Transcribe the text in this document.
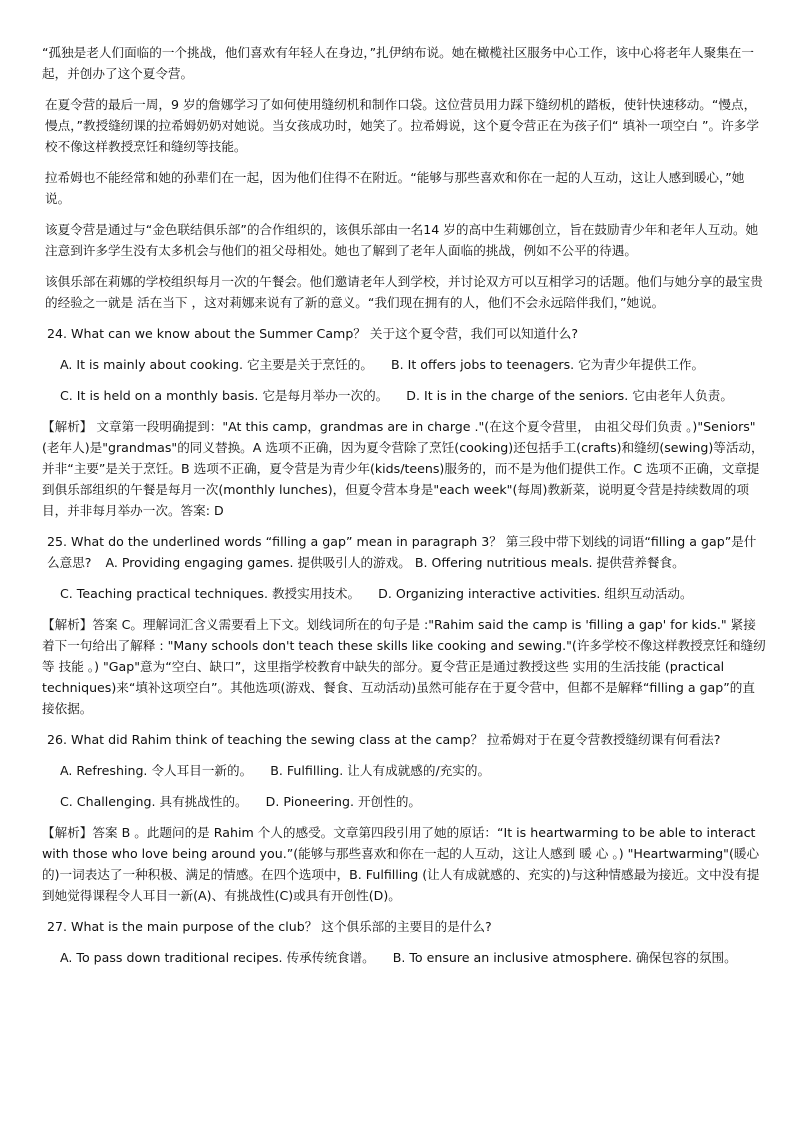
“孤独是老人们面临的一个挑战，他们喜欢有年轻人在身边，”扎伊纳布说。她在橄榄社区服务中心工作，该中心将老年人聚集在一起，并创办了这个夏令营。

在夏令营的最后一周，9 岁的詹娜学习了如何使用缝纫机和制作口袋。这位营员用力踩下缝纫机的踏板，使针快速移动。“慢点，慢点，”教授缝纫课的拉希姆奶奶对她说。当女孩成功时，她笑了。拉希姆说，这个夏令营正在为孩子们“ 填补一项空白 ”。许多学校不像这样教授烹饪和缝纫等技能。

拉希姆也不能经常和她的孙辈们在一起，因为他们住得不在附近。“能够与那些喜欢和你在一起的人互动，这让人感到暖心，”她说。

该夏令营是通过与“金色联结俱乐部”的合作组织的，该俱乐部由一名14 岁的高中生莉娜创立，旨在鼓励青少年和老年人互动。她注意到许多学生没有太多机会与他们的祖父母相处。她也了解到了老年人面临的挑战，例如不公平的待遇。

该俱乐部在莉娜的学校组织每月一次的午餐会。他们邀请老年人到学校，并讨论双方可以互相学习的话题。他们与她分享的最宝贵的经验之一就是 活在当下 ，这对莉娜来说有了新的意义。“我们现在拥有的人，他们不会永远陪伴我们，”她说。

24. What can we know about the Summer Camp？ 关于这个夏令营，我们可以知道什么?

A. It is mainly about cooking. 它主要是关于烹饪的。 B. It offers jobs to teenagers. 它为青少年提供工作。
C. It is held on a monthly basis. 它是每月举办一次的。 D. It is in the charge of the seniors. 它由老年人负责。

【解析】 文章第一段明确提到："At this camp，grandmas are in charge ."(在这个夏令营里， 由祖父母们负责 。)"Seniors"(老年人)是"grandmas"的同义替换。A 选项不正确，因为夏令营除了烹饪(cooking)还包括手工(crafts)和缝纫(sewing)等活动，并非“主要”是关于烹饪。B 选项不正确，夏令营是为青少年(kids/teens)服务的，而不是为他们提供工作。C 选项不正确，文章提到俱乐部组织的午餐是每月一次(monthly lunches)，但夏令营本身是"each week"(每周)教新菜，说明夏令营是持续数周的项目，并非每月举办一次。答案: D

25. What do the underlined words “filling a gap” mean in paragraph 3？ 第三段中带下划线的词语“filling a gap”是什么意思? A. Providing engaging games. 提供吸引人的游戏。 B. Offering nutritious meals. 提供营养餐食。

C. Teaching practical techniques. 教授实用技术。 D. Organizing interactive activities. 组织互动活动。

【解析】答案 C。理解词汇含义需要看上下文。划线词所在的句子是 :"Rahim said the camp is 'filling a gap' for kids." 紧接着下一句给出了解释 : "Many schools don't teach these skills like cooking and sewing."(许多学校不像这样教授烹饪和缝纫等 技能 。) "Gap"意为“空白、缺口”，这里指学校教育中缺失的部分。夏令营正是通过教授这些 实用的生活技能 (practical techniques)来“填补这项空白”。其他选项(游戏、餐食、互动活动)虽然可能存在于夏令营中，但都不是解释“filling a gap”的直接依据。

26. What did Rahim think of teaching the sewing class at the camp？ 拉希姆对于在夏令营教授缝纫课有何看法?

A. Refreshing. 令人耳目一新的。 B. Fulfilling. 让人有成就感的/充实的。
C. Challenging. 具有挑战性的。 D. Pioneering. 开创性的。

【解析】答案 B 。此题问的是 Rahim 个人的感受。文章第四段引用了她的原话：“It is heartwarming to be able to interact with those who love being around you.”(能够与那些喜欢和你在一起的人互动，这让人感到 暖 心 。) "Heartwarming"(暖心的)一词表达了一种积极、满足的情感。在四个选项中，B. Fulfilling (让人有成就感的、充实的)与这种情感最为接近。文中没有提到她觉得课程令人耳目一新(A)、有挑战性(C)或具有开创性(D)。

27. What is the main purpose of the club？ 这个俱乐部的主要目的是什么?

A. To pass down traditional recipes. 传承传统食谱。 B. To ensure an inclusive atmosphere. 确保包容的氛围。
